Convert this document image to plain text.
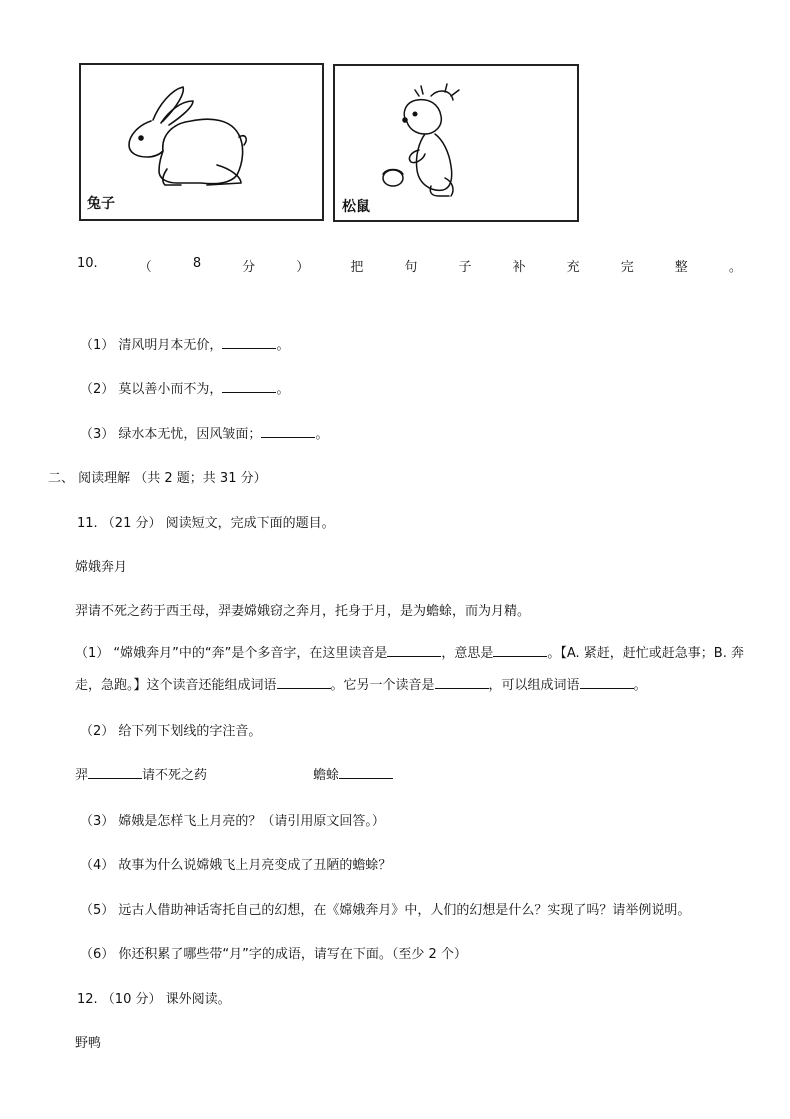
兔子	松鼠
10.	（	8	分	）	把	句	子	补	充	完	整	。
（1） 清风明月本无价，	。
（2） 莫以善小而不为，	。
（3） 绿水本无忧，因风皱面；	。
二、 阅读理解 （共 2 题；共 31 分）
11. （21 分） 阅读短文，完成下面的题目。
嫦娥奔月
羿请不死之药于西王母，羿妻嫦娥窃之奔月，托身于月，是为蟾蜍，而为月精。
（1） “嫦娥奔月”中的“奔”是个多音字，在这里读音是	，意思是	。【A. 紧赶，赶忙或赶急事；B. 奔走，急跑。】这个读音还能组成词语	。它另一个读音是	，可以组成词语	。
（2） 给下列下划线的字注音。
羿	请不死之药	蟾蜍
（3） 嫦娥是怎样飞上月亮的？（请引用原文回答。）
（4） 故事为什么说嫦娥飞上月亮变成了丑陋的蟾蜍？
（5） 远古人借助神话寄托自己的幻想，在《嫦娥奔月》中，人们的幻想是什么？实现了吗？请举例说明。
（6） 你还积累了哪些带“月”字的成语，请写在下面。（至少 2 个）
12. （10 分） 课外阅读。
野鸭
